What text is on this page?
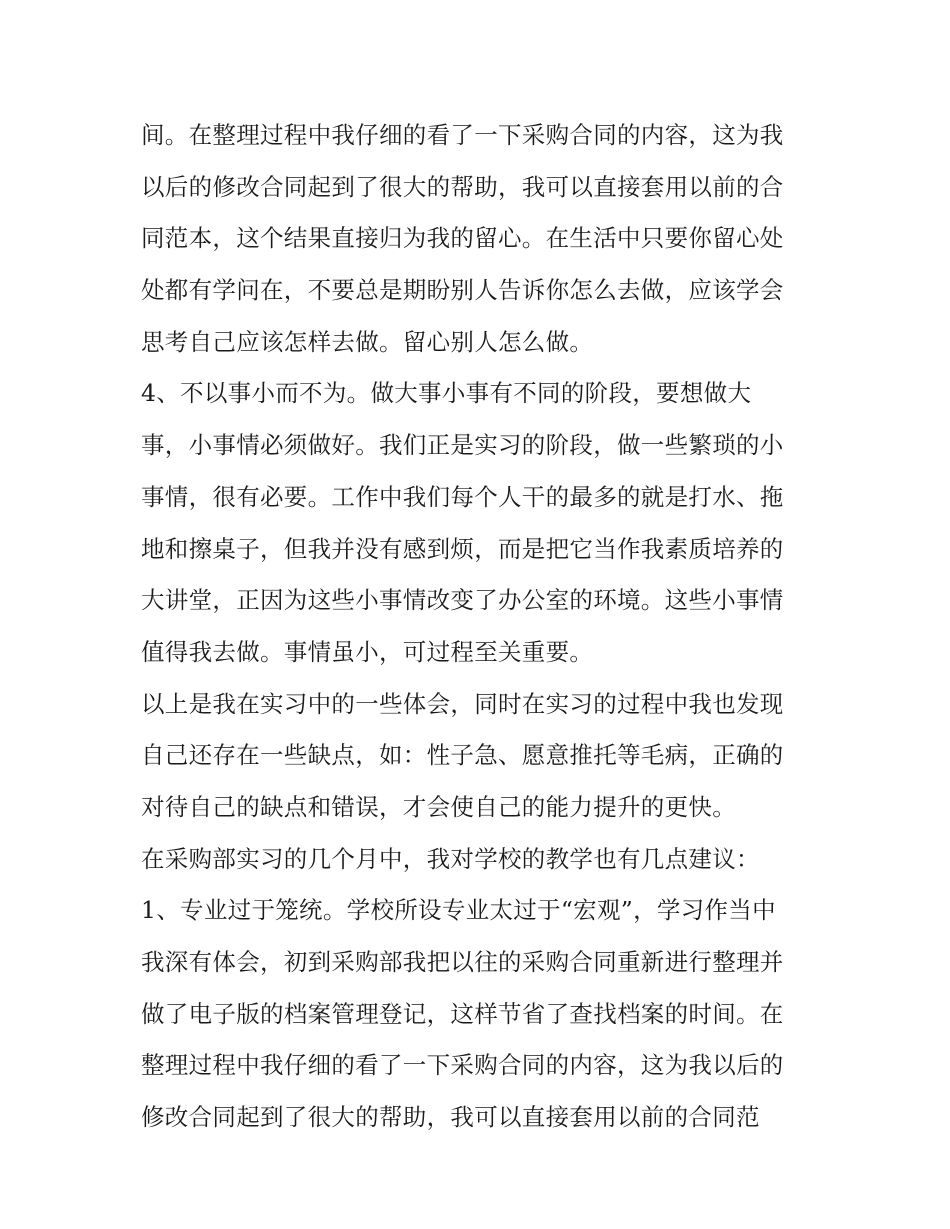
间。在整理过程中我仔细的看了一下采购合同的内容，这为我
以后的修改合同起到了很大的帮助，我可以直接套用以前的合
同范本，这个结果直接归为我的留心。在生活中只要你留心处
处都有学问在，不要总是期盼别人告诉你怎么去做，应该学会
思考自己应该怎样去做。留心别人怎么做。
4、不以事小而不为。做大事小事有不同的阶段，要想做大
事，小事情必须做好。我们正是实习的阶段，做一些繁琐的小
事情，很有必要。工作中我们每个人干的最多的就是打水、拖
地和擦桌子，但我并没有感到烦，而是把它当作我素质培养的
大讲堂，正因为这些小事情改变了办公室的环境。这些小事情
值得我去做。事情虽小，可过程至关重要。
以上是我在实习中的一些体会，同时在实习的过程中我也发现
自己还存在一些缺点，如：性子急、愿意推托等毛病，正确的
对待自己的缺点和错误，才会使自己的能力提升的更快。
在采购部实习的几个月中，我对学校的教学也有几点建议：
1、专业过于笼统。学校所设专业太过于“宏观”，学习作当中
我深有体会，初到采购部我把以往的采购合同重新进行整理并
做了电子版的档案管理登记，这样节省了查找档案的时间。在
整理过程中我仔细的看了一下采购合同的内容，这为我以后的
修改合同起到了很大的帮助，我可以直接套用以前的合同范
